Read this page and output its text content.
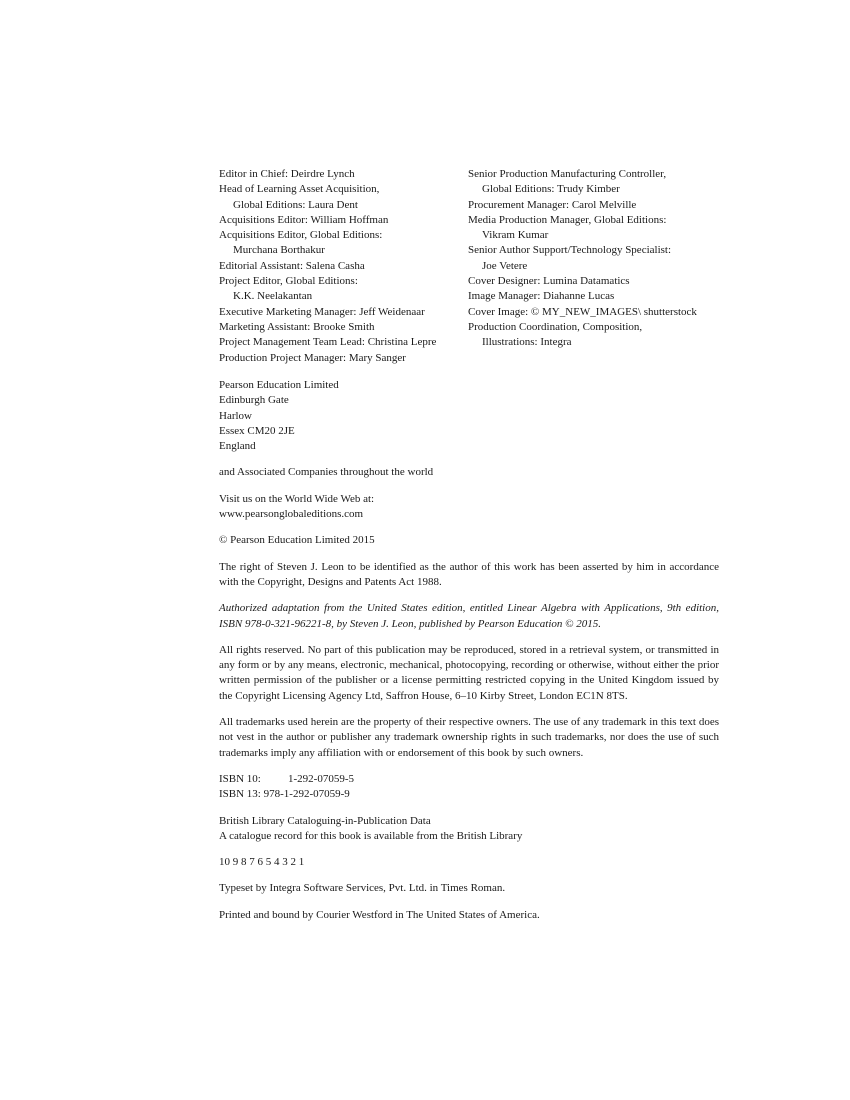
Editor in Chief: Deirdre Lynch
Head of Learning Asset Acquisition,
Global Editions: Laura Dent
Acquisitions Editor: William Hoffman
Acquisitions Editor, Global Editions:
Murchana Borthakur
Editorial Assistant: Salena Casha
Project Editor, Global Editions:
K.K. Neelakantan
Executive Marketing Manager: Jeff Weidenaar
Marketing Assistant: Brooke Smith
Project Management Team Lead: Christina Lepre
Production Project Manager: Mary Sanger
Senior Production Manufacturing Controller,
Global Editions: Trudy Kimber
Procurement Manager: Carol Melville
Media Production Manager, Global Editions:
Vikram Kumar
Senior Author Support/Technology Specialist:
Joe Vetere
Cover Designer: Lumina Datamatics
Image Manager: Diahanne Lucas
Cover Image: © MY_NEW_IMAGES\ shutterstock
Production Coordination, Composition,
Illustrations: Integra
Pearson Education Limited
Edinburgh Gate
Harlow
Essex CM20 2JE
England
and Associated Companies throughout the world
Visit us on the World Wide Web at:
www.pearsonglobaleditions.com
© Pearson Education Limited 2015
The right of Steven J. Leon to be identified as the author of this work has been asserted by him in accordance with the Copyright, Designs and Patents Act 1988.
Authorized adaptation from the United States edition, entitled Linear Algebra with Applications, 9th edition, ISBN 978-0-321-96221-8, by Steven J. Leon, published by Pearson Education © 2015.
All rights reserved. No part of this publication may be reproduced, stored in a retrieval system, or transmitted in any form or by any means, electronic, mechanical, photocopying, recording or otherwise, without either the prior written permission of the publisher or a license permitting restricted copying in the United Kingdom issued by the Copyright Licensing Agency Ltd, Saffron House, 6–10 Kirby Street, London EC1N 8TS.
All trademarks used herein are the property of their respective owners. The use of any trademark in this text does not vest in the author or publisher any trademark ownership rights in such trademarks, nor does the use of such trademarks imply any affiliation with or endorsement of this book by such owners.
ISBN 10: 1-292-07059-5
ISBN 13: 978-1-292-07059-9
British Library Cataloguing-in-Publication Data
A catalogue record for this book is available from the British Library
10 9 8 7 6 5 4 3 2 1
Typeset by Integra Software Services, Pvt. Ltd. in Times Roman.
Printed and bound by Courier Westford in The United States of America.
